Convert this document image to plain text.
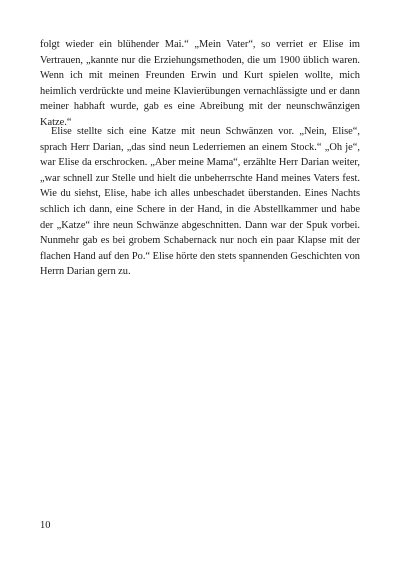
folgt wieder ein blühender Mai.“ „Mein Vater“, so verriet er Elise im Vertrauen, „kannte nur die Erziehungsmethoden, die um 1900 üblich waren. Wenn ich mit meinen Freunden Erwin und Kurt spielen wollte, mich heimlich verdrückte und meine Klavierübungen vernachlässigte und er dann meiner habhaft wurde, gab es eine Abreibung mit der neunschwänzigen Katze.“

Elise stellte sich eine Katze mit neun Schwänzen vor. „Nein, Elise“, sprach Herr Darian, „das sind neun Lederriemen an einem Stock.“ „Oh je“, war Elise da erschrocken. „Aber meine Mama“, erzählte Herr Darian weiter, „war schnell zur Stelle und hielt die unbeherrschte Hand meines Vaters fest. Wie du siehst, Elise, habe ich alles unbeschadet überstanden. Eines Nachts schlich ich dann, eine Schere in der Hand, in die Abstellkammer und habe der „Katze“ ihre neun Schwänze abgeschnitten. Dann war der Spuk vorbei. Nunmehr gab es bei grobem Schabernack nur noch ein paar Klapse mit der flachen Hand auf den Po.“ Elise hörte den stets spannenden Geschichten von Herrn Darian gern zu.

10
